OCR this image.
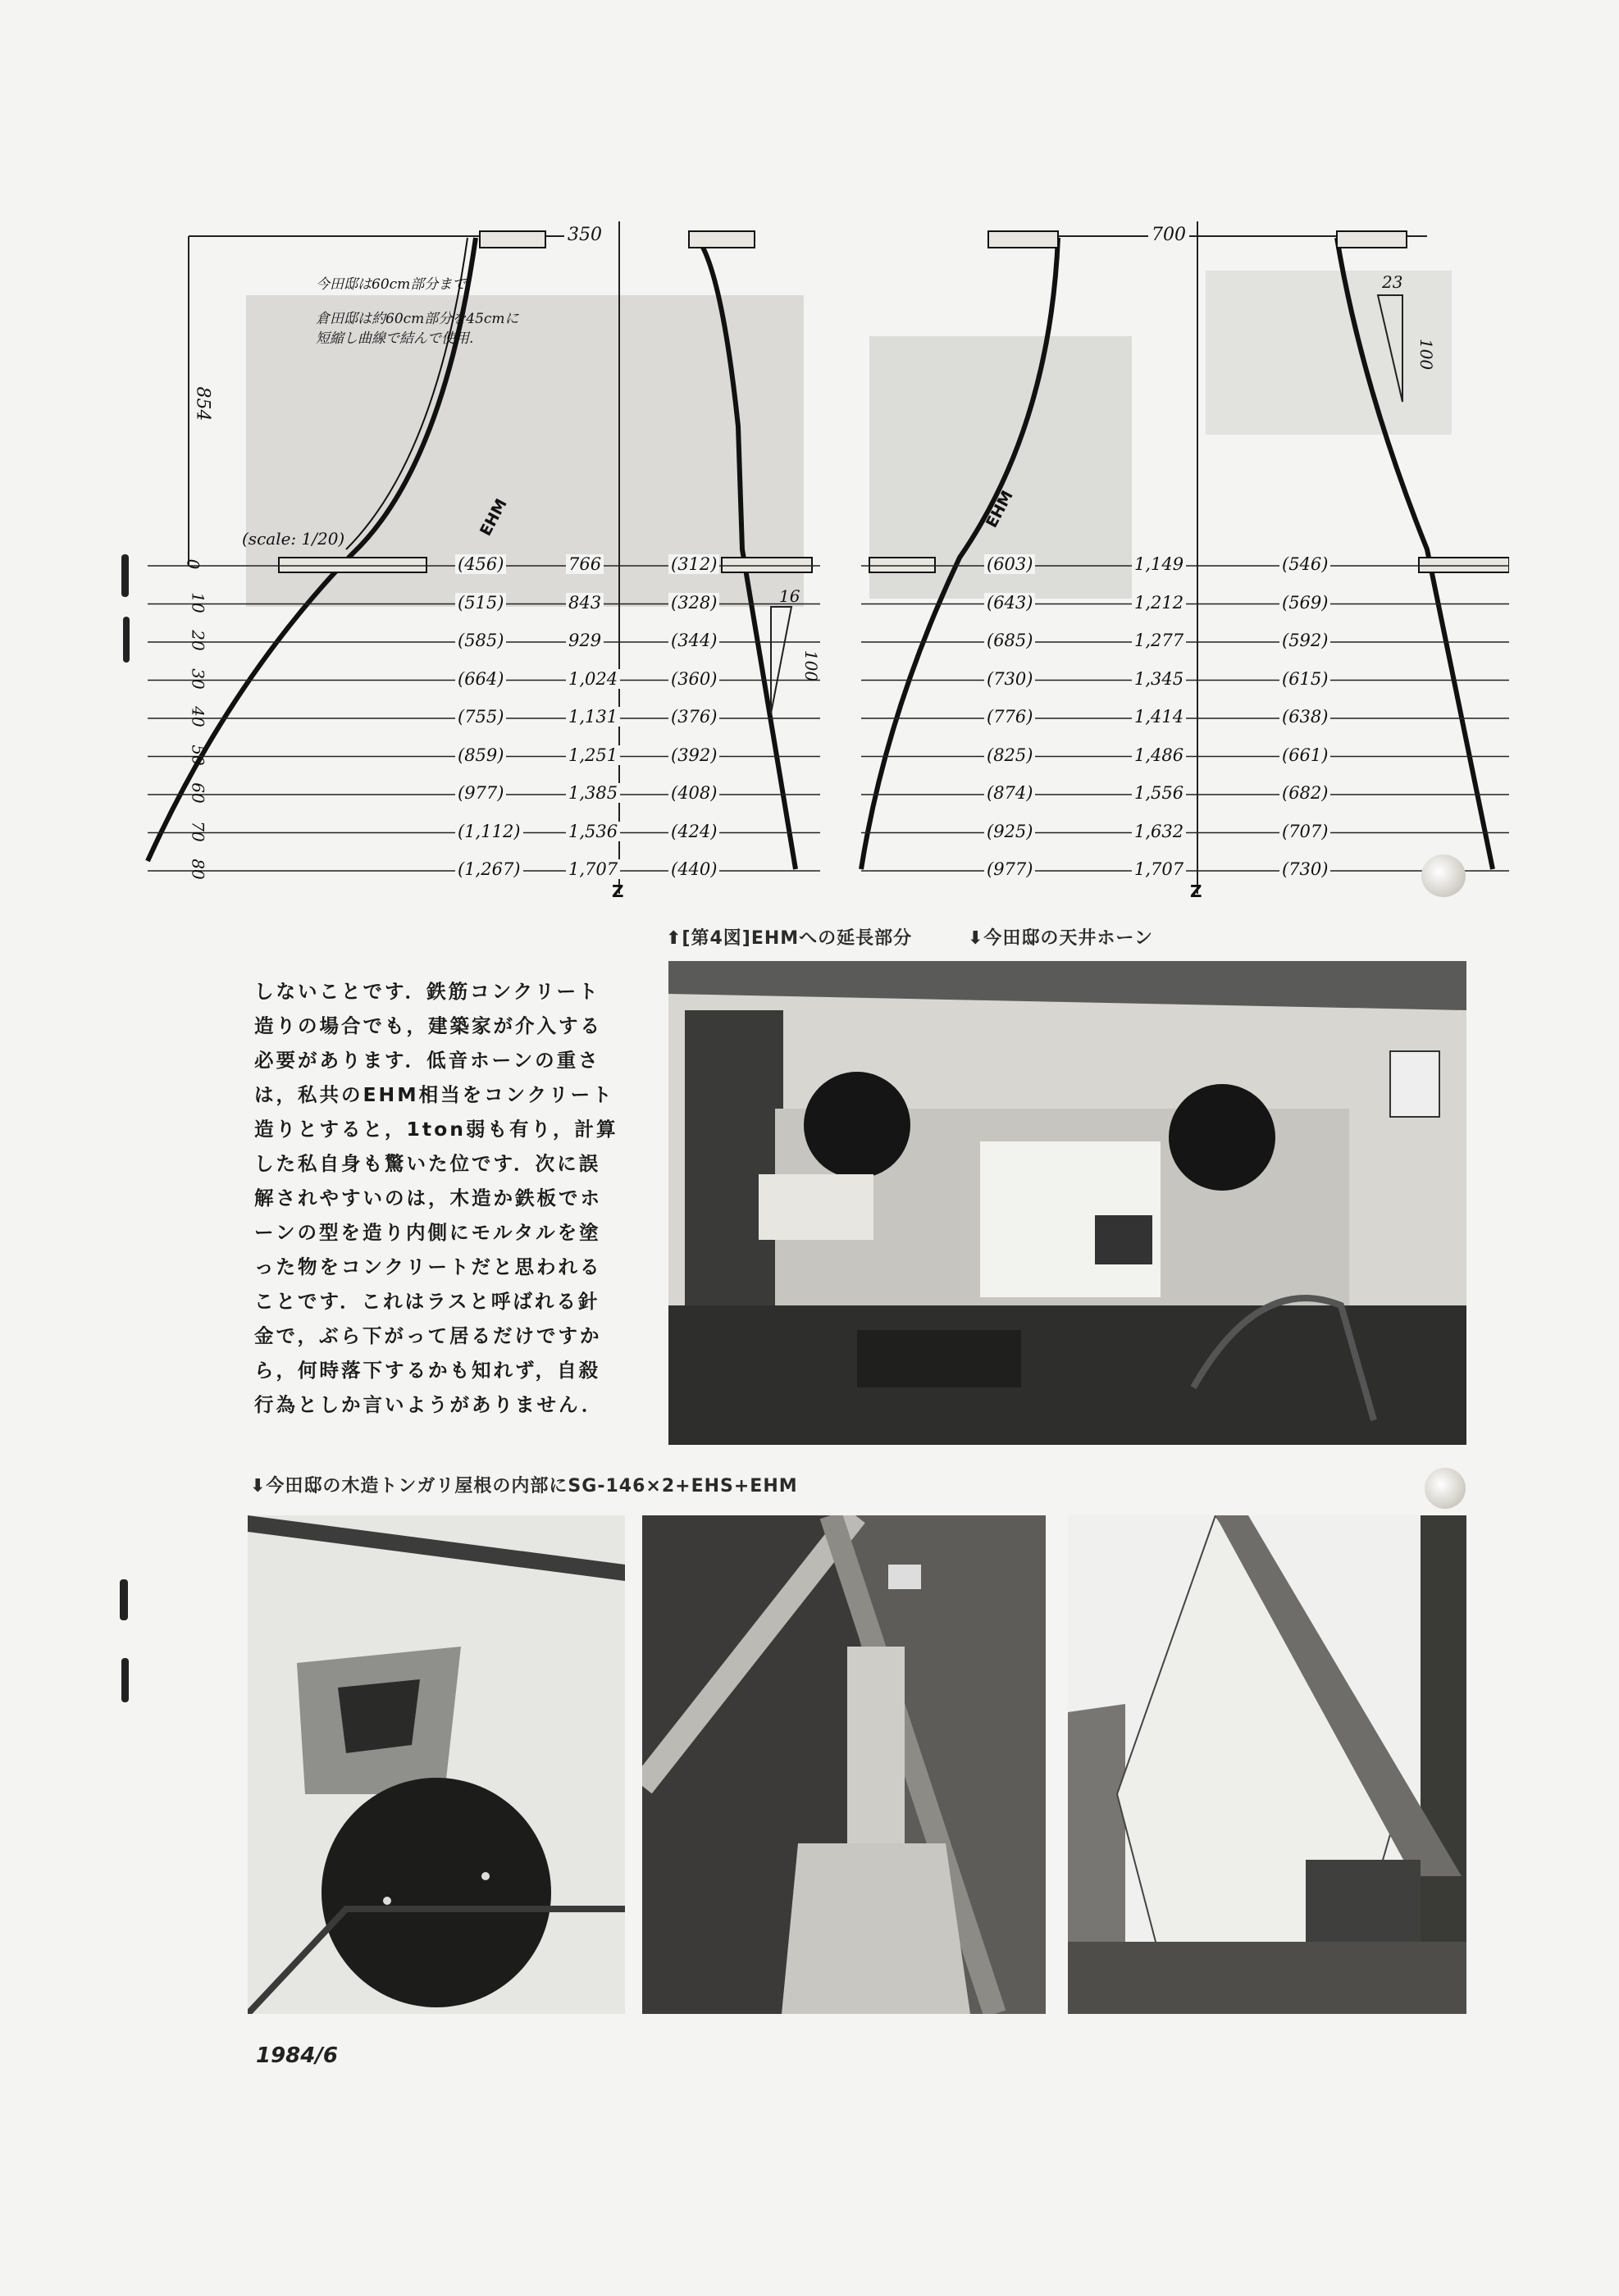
今田邸は60cm部分まで.
倉田邸は約60cm部分を45cmに
短縮し曲線で結んで使用.
350
854
(scale: 1/20)	EHM
16
100
Z
0	(456)	766	(312)
10	(515)	843	(328)
20	(585)	929	(344)
30	(664)	1,024	(360)
40	(755)	1,131	(376)
50	(859)	1,251	(392)
60	(977)	1,385	(408)
70	(1,112)	1,536	(424)
80	(1,267)	1,707	(440)
700
EHM
23
100
Z
(603)	1,149	(546)
(643)	1,212	(569)
(685)	1,277	(592)
(730)	1,345	(615)
(776)	1,414	(638)
(825)	1,486	(661)
(874)	1,556	(682)
(925)	1,632	(707)
(977)	1,707	(730)
⬆[第4図]EHMへの延長部分	⬇今田邸の天井ホーン
⬇今田邸の木造トンガリ屋根の内部にSG-146×2+EHS+EHM
しないことです．鉄筋コンクリート
造りの場合でも，建築家が介入する
必要があります．低音ホーンの重さ
は，私共のEHM相当をコンクリート
造りとすると，1ton弱も有り，計算
した私自身も驚いた位です．次に誤
解されやすいのは，木造か鉄板でホ
ーンの型を造り内側にモルタルを塗
った物をコンクリートだと思われる
ことです．これはラスと呼ばれる針
金で，ぶら下がって居るだけですか
ら，何時落下するかも知れず，自殺
行為としか言いようがありません．
1984/6
